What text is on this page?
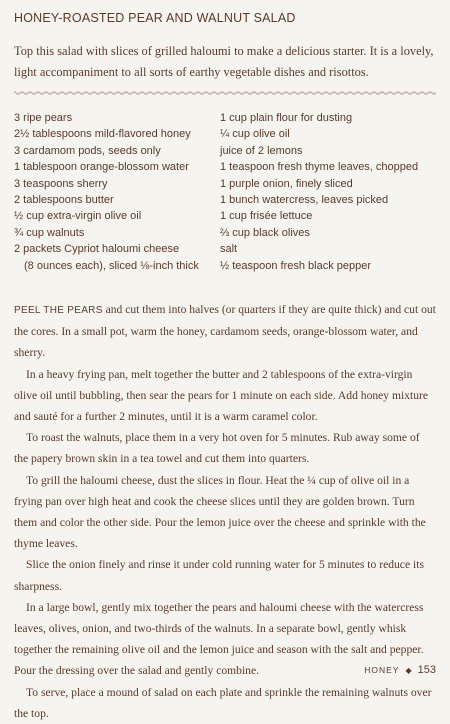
HONEY-ROASTED PEAR AND WALNUT SALAD

Top this salad with slices of grilled haloumi to make a delicious starter. It is a lovely, light accompaniment to all sorts of earthy vegetable dishes and risottos.

3 ripe pears
2½ tablespoons mild-flavored honey
3 cardamom pods, seeds only
1 tablespoon orange-blossom water
3 teaspoons sherry
2 tablespoons butter
½ cup extra-virgin olive oil
¾ cup walnuts
2 packets Cypriot haloumi cheese
(8 ounces each), sliced ⅛-inch thick
1 cup plain flour for dusting
¼ cup olive oil
juice of 2 lemons
1 teaspoon fresh thyme leaves, chopped
1 purple onion, finely sliced
1 bunch watercress, leaves picked
1 cup frisée lettuce
⅔ cup black olives
salt
½ teaspoon fresh black pepper

PEEL THE PEARS and cut them into halves (or quarters if they are quite thick) and cut out the cores. In a small pot, warm the honey, cardamom seeds, orange-blossom water, and sherry.

In a heavy frying pan, melt together the butter and 2 tablespoons of the extra-virgin olive oil until bubbling, then sear the pears for 1 minute on each side. Add honey mixture and sauté for a further 2 minutes, until it is a warm caramel color.

To roast the walnuts, place them in a very hot oven for 5 minutes. Rub away some of the papery brown skin in a tea towel and cut them into quarters.

To grill the haloumi cheese, dust the slices in flour. Heat the ¼ cup of olive oil in a frying pan over high heat and cook the cheese slices until they are golden brown. Turn them and color the other side. Pour the lemon juice over the cheese and sprinkle with the thyme leaves.

Slice the onion finely and rinse it under cold running water for 5 minutes to reduce its sharpness.

In a large bowl, gently mix together the pears and haloumi cheese with the watercress leaves, olives, onion, and two-thirds of the walnuts. In a separate bowl, gently whisk together the remaining olive oil and the lemon juice and season with the salt and pepper. Pour the dressing over the salad and gently combine.

To serve, place a mound of salad on each plate and sprinkle the remaining walnuts over the top.

HONEY ◆ 153
